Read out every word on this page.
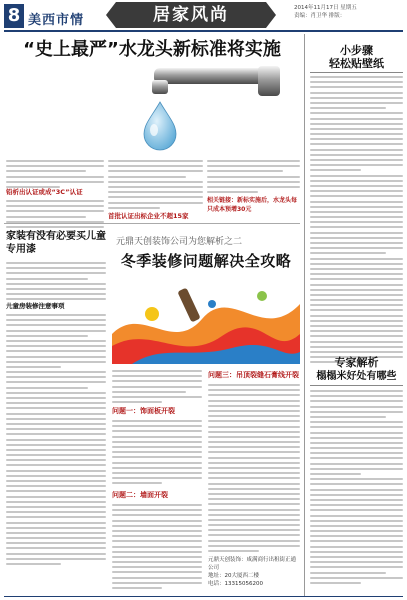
8 美西市情	居家风尚	2014年11月17日 星期五
责编：肖卫华 排版：
“史上最严”水龙头新标准将实施
铅析出认证或成“3C”认证
首批认证出标企业不超15家
相关链接：新标实施后，水龙头每只成本预增30元
家装有没有必要买儿童专用漆
儿童房装修注意事项
元鼎天创装饰公司为您解析之二
冬季装修问题解决全攻略
问题一：饰面板开裂
问题二：墙面开裂
问题三：吊顶裂缝石膏线开裂
元鼎天创装饰：咸满商行出租街正通公司
地址：20大厦西二楼
电话：13315056200
小步骤
轻松贴壁纸
专家解析
榻榻米好处有哪些
